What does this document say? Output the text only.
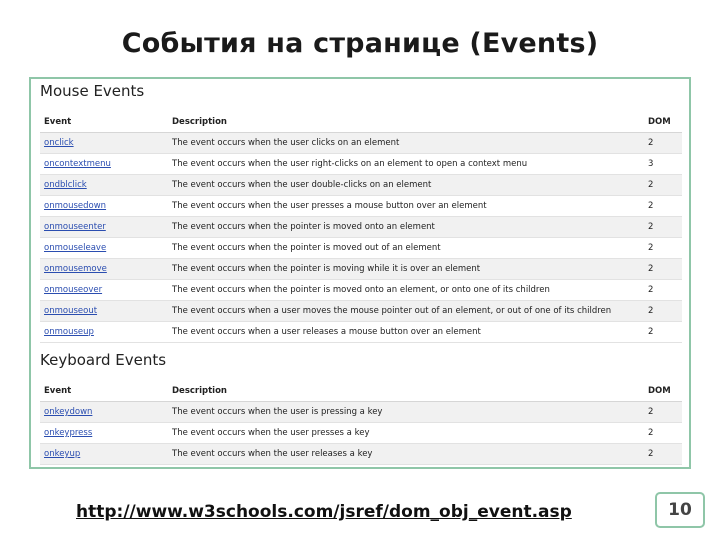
События на странице (Events)
Mouse Events
Event	Description	DOM
onclick	The event occurs when the user clicks on an element	2
oncontextmenu	The event occurs when the user right-clicks on an element to open a context menu	3
ondblclick	The event occurs when the user double-clicks on an element	2
onmousedown	The event occurs when the user presses a mouse button over an element	2
onmouseenter	The event occurs when the pointer is moved onto an element	2
onmouseleave	The event occurs when the pointer is moved out of an element	2
onmousemove	The event occurs when the pointer is moving while it is over an element	2
onmouseover	The event occurs when the pointer is moved onto an element, or onto one of its children	2
onmouseout	The event occurs when a user moves the mouse pointer out of an element, or out of one of its children	2
onmouseup	The event occurs when a user releases a mouse button over an element	2
Keyboard Events
Event	Description	DOM
onkeydown	The event occurs when the user is pressing a key	2
onkeypress	The event occurs when the user presses a key	2
onkeyup	The event occurs when the user releases a key	2
http://www.w3schools.com/jsref/dom_obj_event.asp	10
